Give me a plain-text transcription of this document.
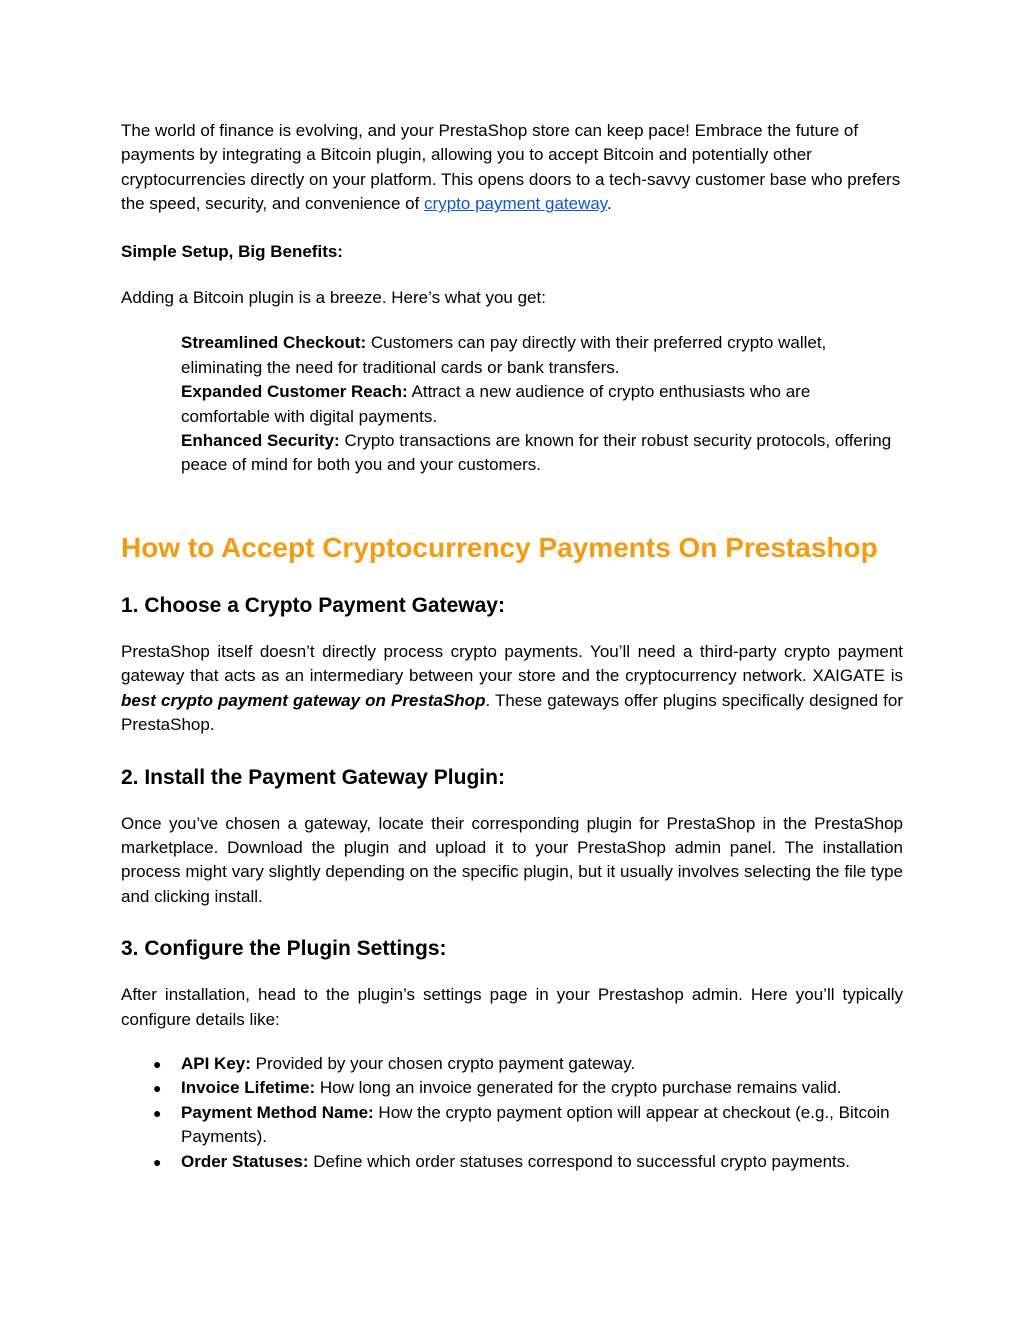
The world of finance is evolving, and your PrestaShop store can keep pace! Embrace the future of payments by integrating a Bitcoin plugin, allowing you to accept Bitcoin and potentially other cryptocurrencies directly on your platform. This opens doors to a tech-savvy customer base who prefers the speed, security, and convenience of crypto payment gateway.

Simple Setup, Big Benefits:

Adding a Bitcoin plugin is a breeze. Here’s what you get:

Streamlined Checkout: Customers can pay directly with their preferred crypto wallet, eliminating the need for traditional cards or bank transfers.

Expanded Customer Reach: Attract a new audience of crypto enthusiasts who are comfortable with digital payments.

Enhanced Security: Crypto transactions are known for their robust security protocols, offering peace of mind for both you and your customers.

How to Accept Cryptocurrency Payments On Prestashop
1. Choose a Crypto Payment Gateway:

PrestaShop itself doesn’t directly process crypto payments. You’ll need a third-party crypto payment gateway that acts as an intermediary between your store and the cryptocurrency network. XAIGATE is best crypto payment gateway on PrestaShop. These gateways offer plugins specifically designed for PrestaShop.

2. Install the Payment Gateway Plugin:

Once you’ve chosen a gateway, locate their corresponding plugin for PrestaShop in the PrestaShop marketplace. Download the plugin and upload it to your PrestaShop admin panel. The installation process might vary slightly depending on the specific plugin, but it usually involves selecting the file type and clicking install.

3. Configure the Plugin Settings:

After installation, head to the plugin’s settings page in your Prestashop admin. Here you’ll typically configure details like:

● API Key: Provided by your chosen crypto payment gateway.
● Invoice Lifetime: How long an invoice generated for the crypto purchase remains valid.
● Payment Method Name: How the crypto payment option will appear at checkout (e.g., Bitcoin Payments).
● Order Statuses: Define which order statuses correspond to successful crypto payments.
